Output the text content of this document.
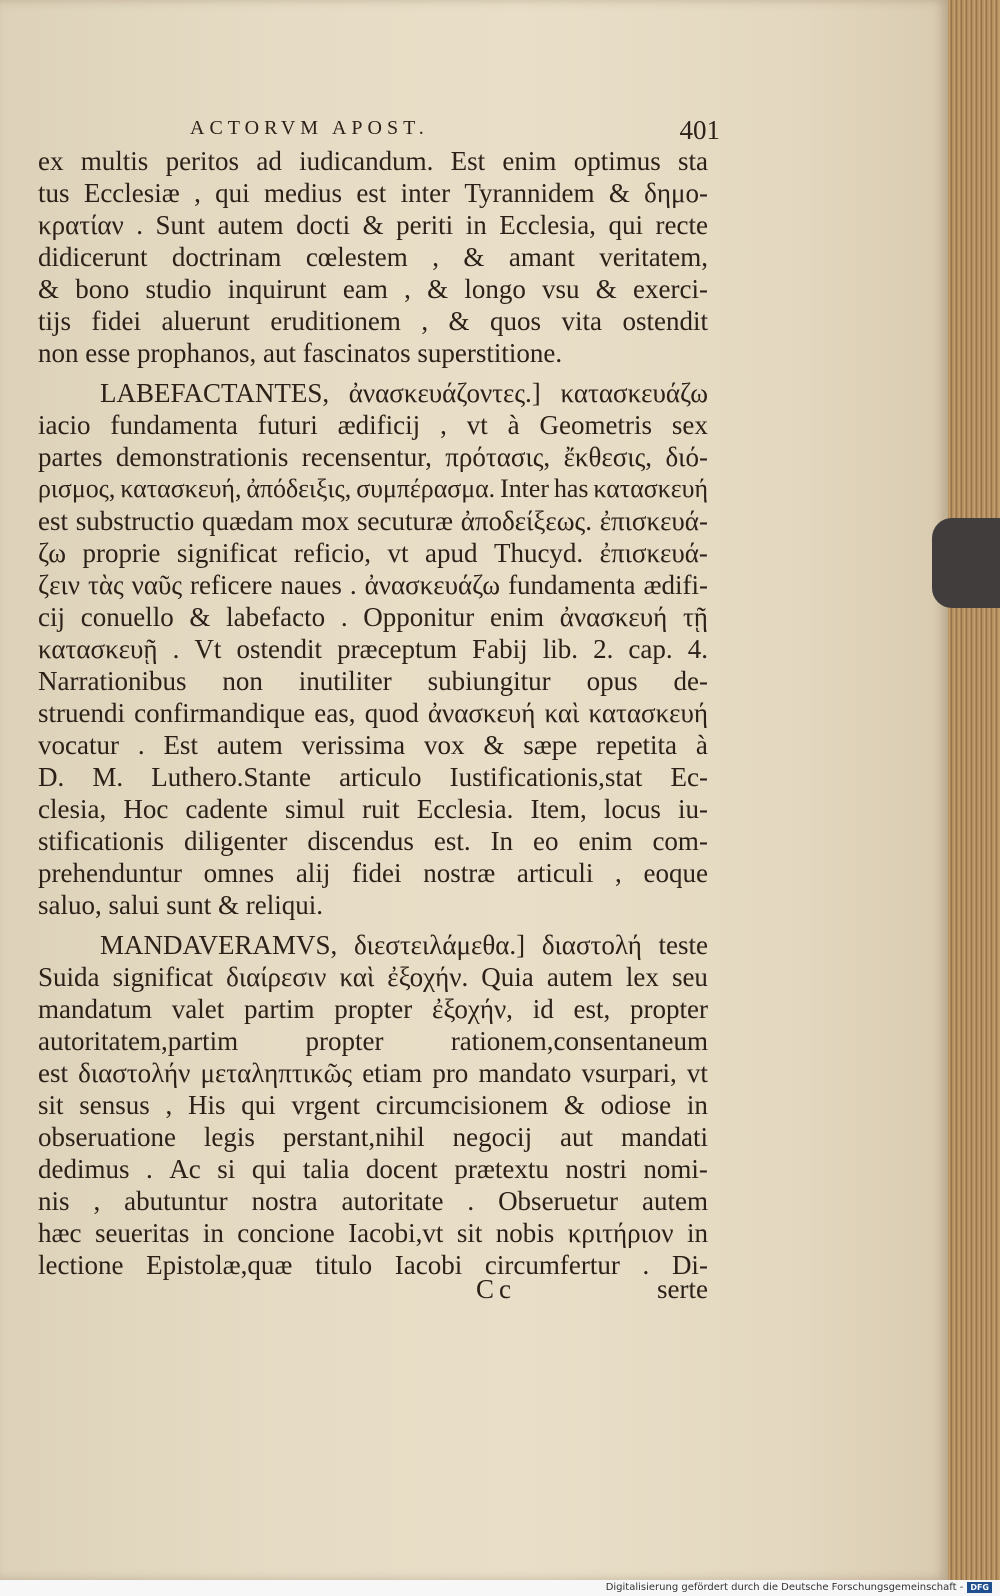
ACTORVM APOST.	401
ex multis peritos ad iudicandum. Est enim optimus sta
tus Ecclesiæ , qui medius est inter Tyrannidem & δημο-
κρατίαν . Sunt autem docti & periti in Ecclesia, qui recte
didicerunt doctrinam cœlestem , & amant veritatem,
& bono studio inquirunt eam , & longo vsu & exerci-
tijs fidei aluerunt eruditionem , & quos vita ostendit
non esse prophanos, aut fascinatos superstitione.
LABEFACTANTES, ἀνασκευάζοντες.] κατασκευάζω
iacio fundamenta futuri ædificij , vt à Geometris sex
partes demonstrationis recensentur, πρότασις, ἔκθεσις, διό-
ρισμος, κατασκευή, ἀπόδειξις, συμπέρασμα. Inter has κατασκευή
est substructio quædam mox secuturæ ἀποδείξεως. ἐπισκευά-
ζω proprie significat reficio, vt apud Thucyd. ἐπισκευά-
ζειν τὰς ναῦς reficere naues . ἀνασκευάζω fundamenta ædifi-
cij conuello & labefacto . Opponitur enim ἀνασκευή τῇ
κατασκευῇ . Vt ostendit præceptum Fabij lib. 2. cap. 4.
Narrationibus non inutiliter subiungitur opus de-
struendi confirmandique eas, quod ἀνασκευή καὶ κατασκευή
vocatur . Est autem verissima vox & sæpe repetita à
D. M. Luthero.Stante articulo Iustificationis,stat Ec-
clesia, Hoc cadente simul ruit Ecclesia. Item, locus iu-
stificationis diligenter discendus est. In eo enim com-
prehenduntur omnes alij fidei nostræ articuli , eoque
saluo, salui sunt & reliqui.
MANDAVERAMVS, διεστειλάμεθα.] διαστολή teste
Suida significat διαίρεσιν καὶ ἐξοχήν. Quia autem lex seu
mandatum valet partim propter ἐξοχήν, id est, propter
autoritatem,partim propter rationem,consentaneum
est διαστολήν μεταληπτικῶς etiam pro mandato vsurpari, vt
sit sensus , His qui vrgent circumcisionem & odiose in
obseruatione legis perstant,nihil negocij aut mandati
dedimus . Ac si qui talia docent prætextu nostri nomi-
nis , abutuntur nostra autoritate . Obseruetur autem
hæc seueritas in concione Iacobi,vt sit nobis κριτήριον in
lectione Epistolæ,quæ titulo Iacobi circumfertur . Di-
Cc	serte
Digitalisierung gefördert durch die Deutsche Forschungsgemeinschaft - DFG
